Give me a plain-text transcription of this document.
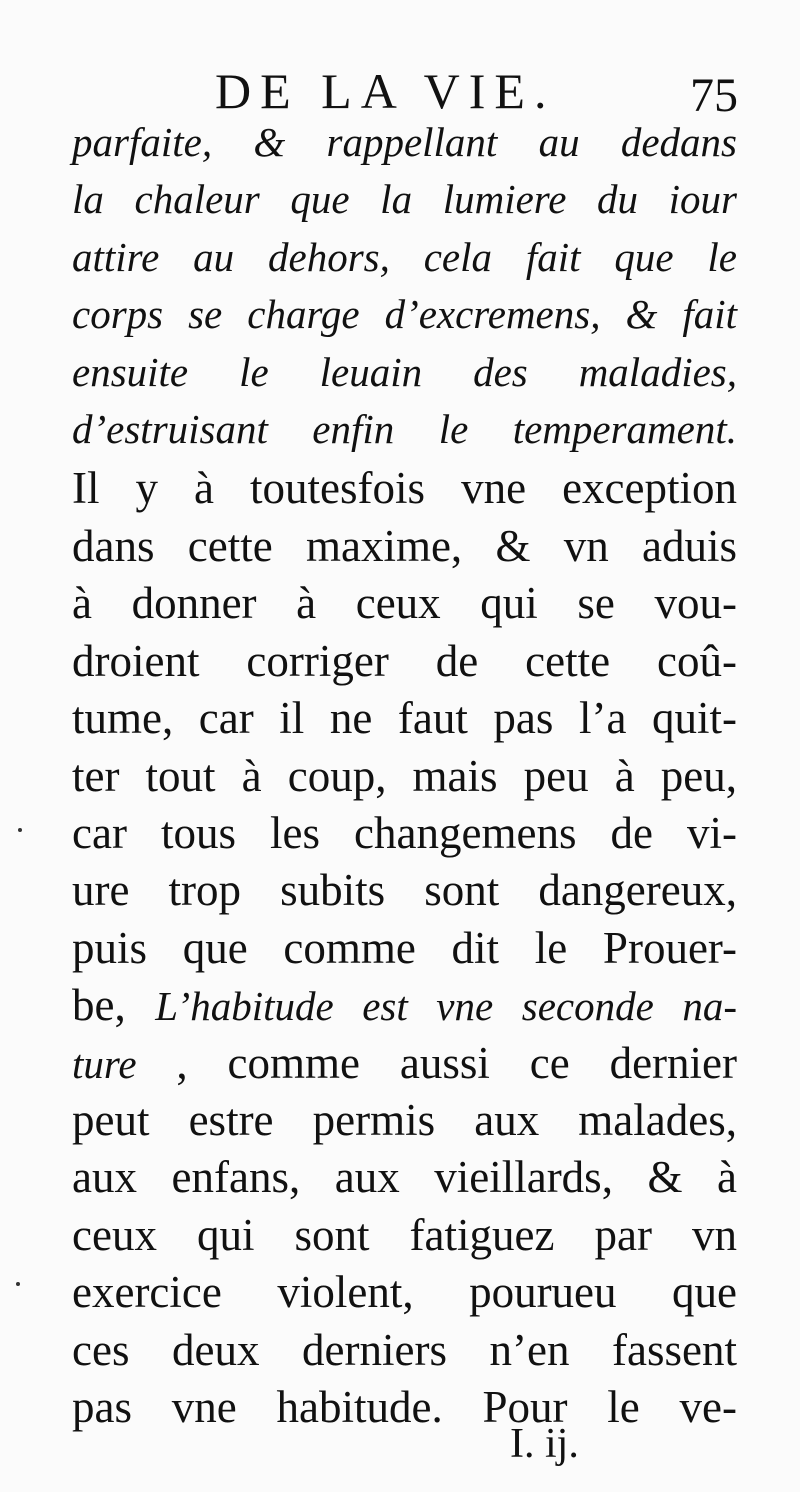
DE LA VIE.	75
parfaite, & rappellant au dedans
la chaleur que la lumiere du iour
attire au dehors, cela fait que le
corps se charge d’excremens, & fait
ensuite le leuain des maladies,
d’estruisant enfin le temperament.
Il y à toutesfois vne exception
dans cette maxime, & vn aduis
à donner à ceux qui se vou-
droient corriger de cette coû-
tume, car il ne faut pas l’a quit-
ter tout à coup, mais peu à peu,
car tous les changemens de vi-
ure trop subits sont dangereux,
puis que comme dit le Prouer-
be, L’habitude est vne seconde na-
ture , comme aussi ce dernier
peut estre permis aux malades,
aux enfans, aux vieillards, & à
ceux qui sont fatiguez par vn
exercice violent, pourueu que
ces deux derniers n’en fassent
pas vne habitude. Pour le ve-
I. ij.
